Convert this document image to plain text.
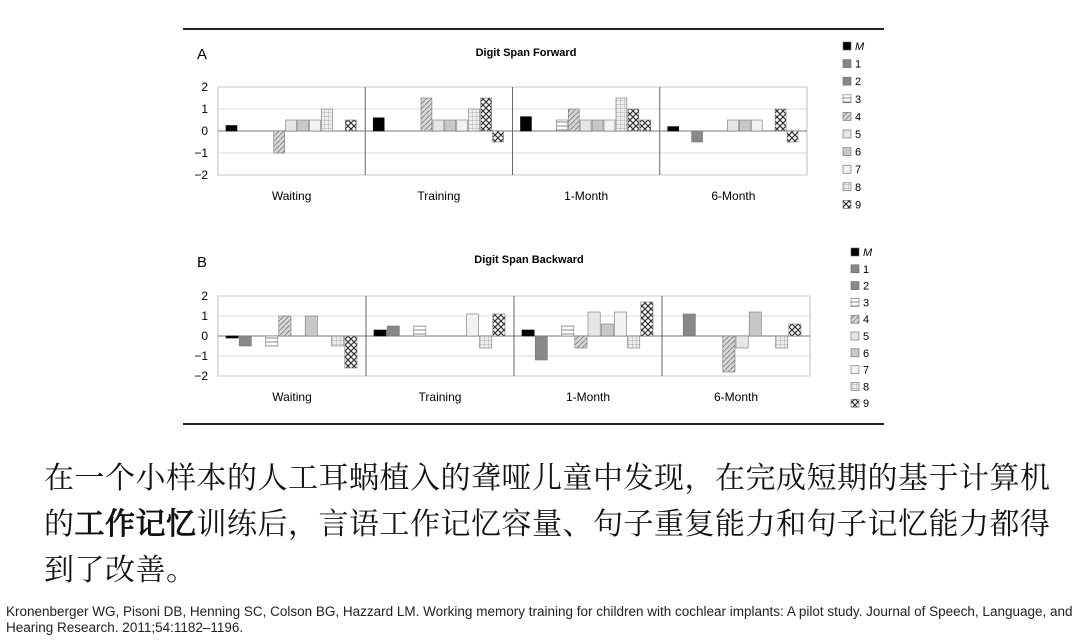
A	Digit Span Forward
2
1
0
−1
−2
Waiting	Training	1-Month	6-Month
B	Digit Span Backward
2
1
0
−1
−2
Waiting	Training	1-Month	6-Month
M
1
2
3
4
5
6
7
8
9
M
1
2
3
4
5
6
7
8
9
在一个小样本的人工耳蜗植入的聋哑儿童中发现，在完成短期的基于计算机的工作记忆训练后，言语工作记忆容量、句子重复能力和句子记忆能力都得到了改善。
Kronenberger WG, Pisoni DB, Henning SC, Colson BG, Hazzard LM. Working memory training for children with cochlear implants: A pilot study. Journal of Speech, Language, and Hearing Research. 2011;54:1182–1196.
